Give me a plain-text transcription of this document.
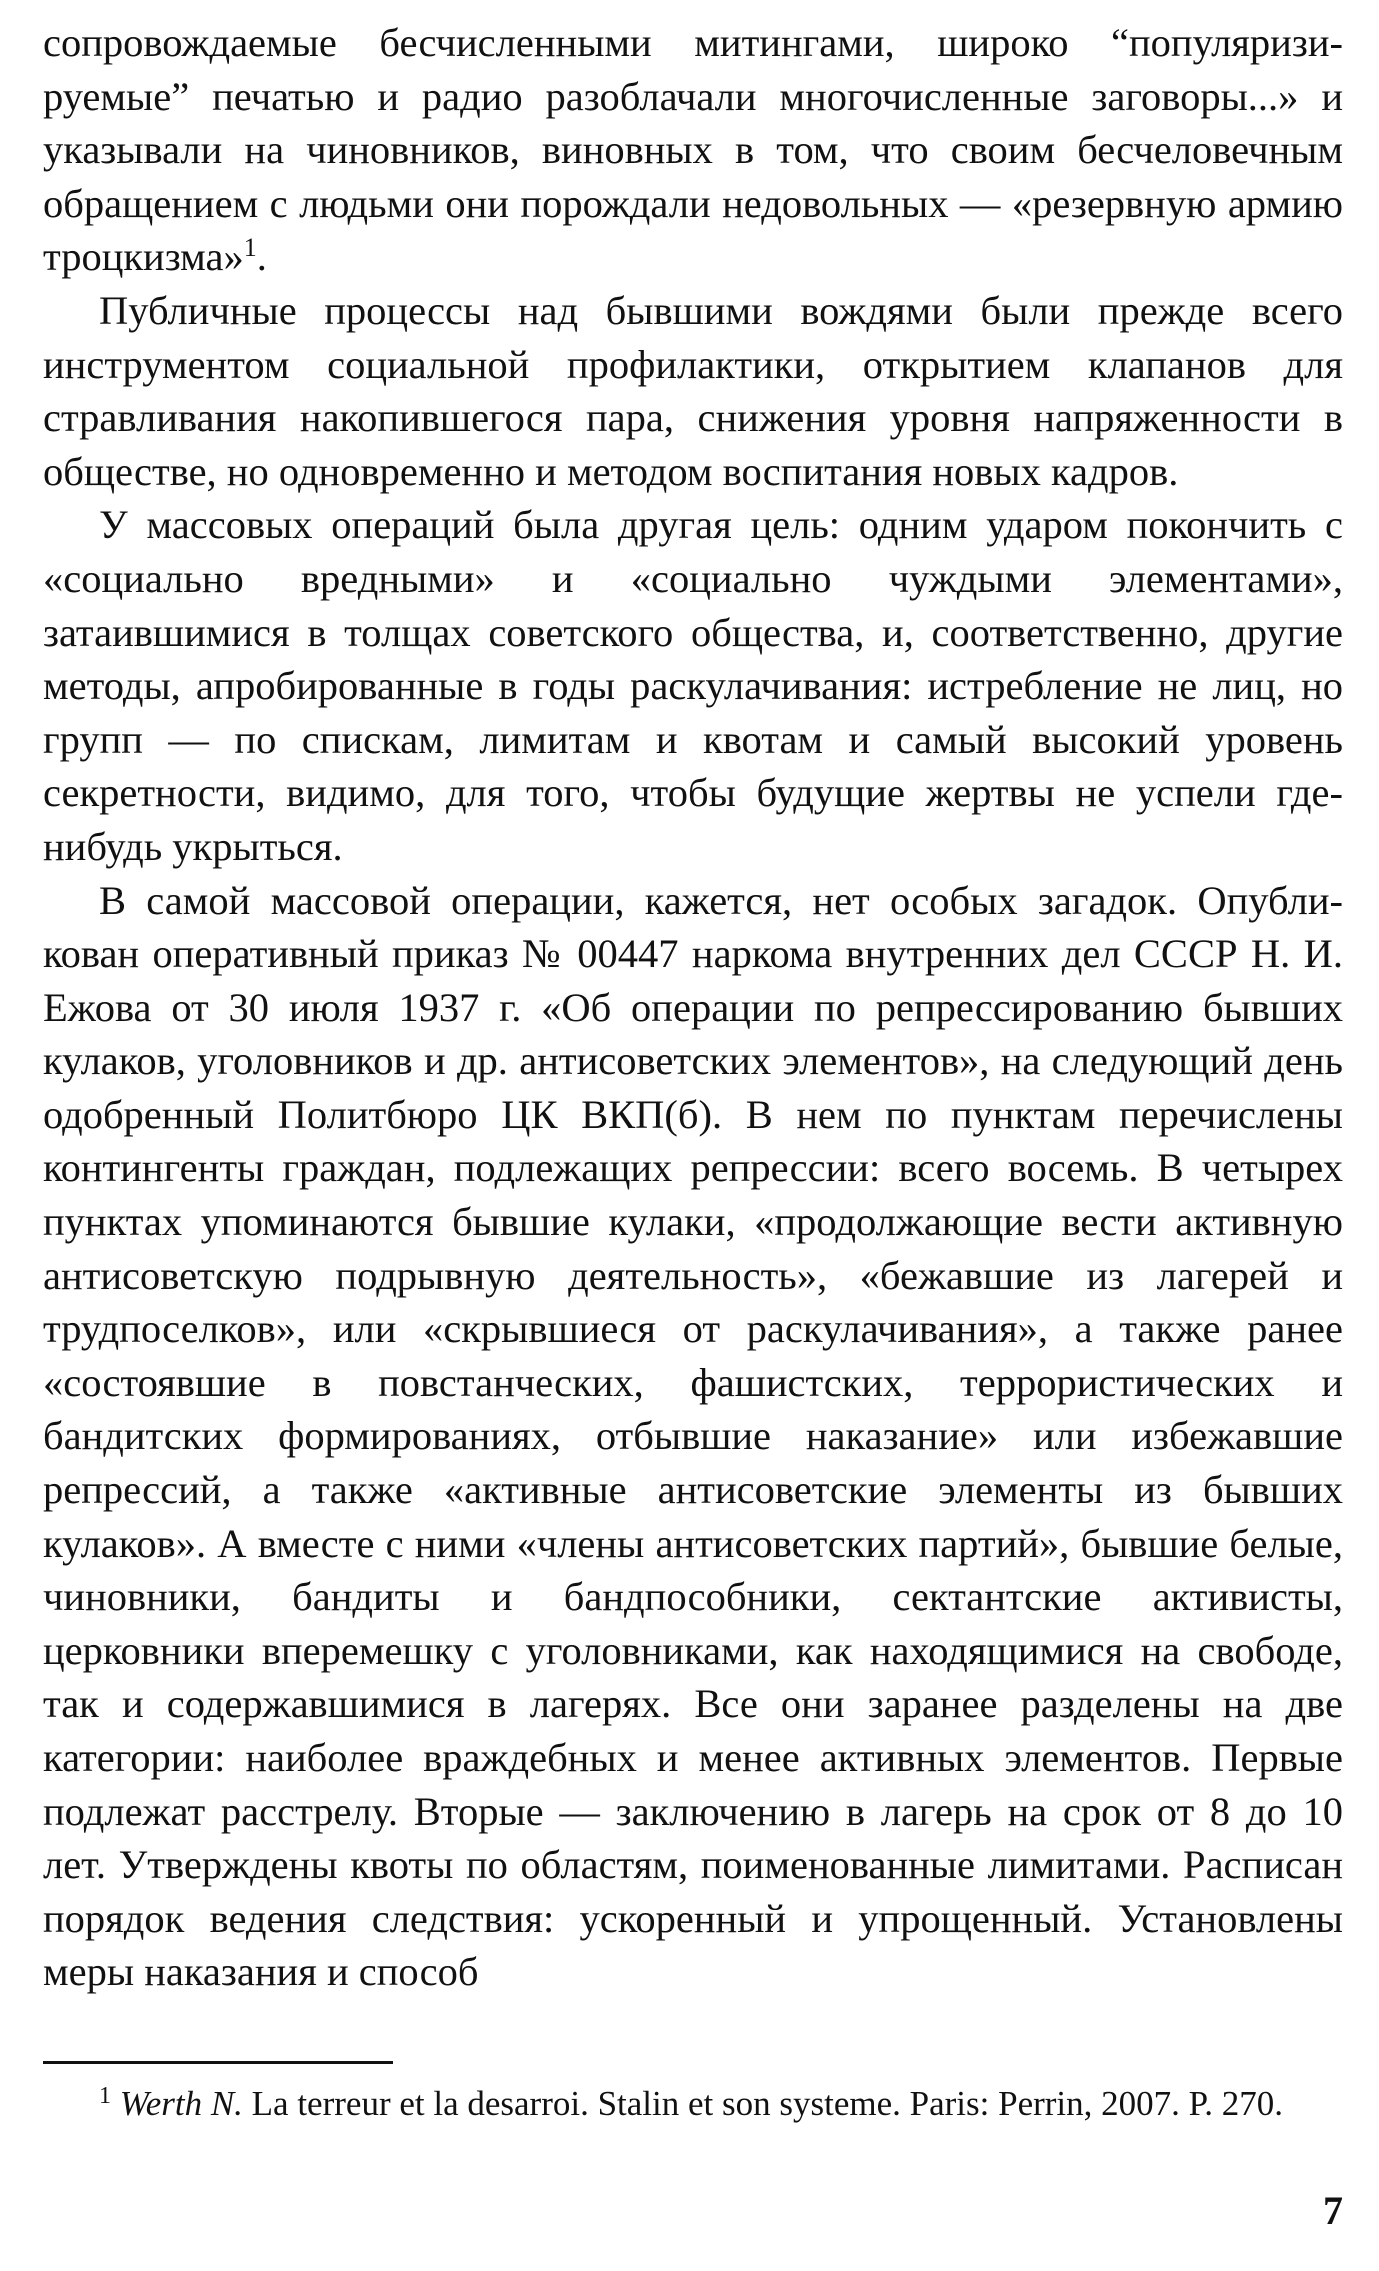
сопровождаемые бесчисленными митингами, широко “популяризируемые” печатью и радио разоблачали многочисленные заговоры...» и указывали на чиновников, виновных в том, что своим бесчеловечным обращением с людьми они порождали недовольных — «резервную армию троцкизма»$^1$.

Публичные процессы над бывшими вождями были прежде всего инструментом социальной профилактики, открытием клапанов для стравливания накопившегося пара, снижения уровня напряженности в обществе, но одновременно и методом воспитания новых кадров.

У массовых операций была другая цель: одним ударом покончить с «социально вредными» и «социально чуждыми элементами», затаившимися в толщах советского общества, и, соответственно, другие методы, апробированные в годы раскулачивания: истребление не лиц, но групп — по спискам, лимитам и квотам и самый высокий уровень секретности, видимо, для того, чтобы будущие жертвы не успели где-нибудь укрыться.

В самой массовой операции, кажется, нет особых загадок. Опубликован оперативный приказ № 00447 наркома внутренних дел СССР Н. И. Ежова от 30 июля 1937 г. «Об операции по репрессированию бывших кулаков, уголовников и др. антисоветских элементов», на следующий день одобренный Политбюро ЦК ВКП(б). В нем по пунктам перечислены контингенты граждан, подлежащих репрессии: всего восемь. В четырех пунктах упоминаются бывшие кулаки, «продолжающие вести активную антисоветскую подрывную деятельность», «бежавшие из лагерей и трудпоселков», или «скрывшиеся от раскулачивания», а также ранее «состоявшие в повстанческих, фашистских, террористических и бандитских формированиях, отбывшие наказание» или избежавшие репрессий, а также «активные антисоветские элементы из бывших кулаков». А вместе с ними «члены антисоветских партий», бывшие белые, чиновники, бандиты и бандпособники, сектантские активисты, церковники вперемешку с уголовниками, как находящимися на свободе, так и содержавшимися в лагерях. Все они заранее разделены на две категории: наиболее враждебных и менее активных элементов. Первые подлежат расстрелу. Вторые — заключению в лагерь на срок от 8 до 10 лет. Утверждены квоты по областям, поименованные лимитами. Расписан порядок ведения следствия: ускоренный и упрощенный. Установлены меры наказания и способ

$^1$ Werth N. La terreur et la desarroi. Stalin et son systeme. Paris: Perrin, 2007. P. 270.

7
